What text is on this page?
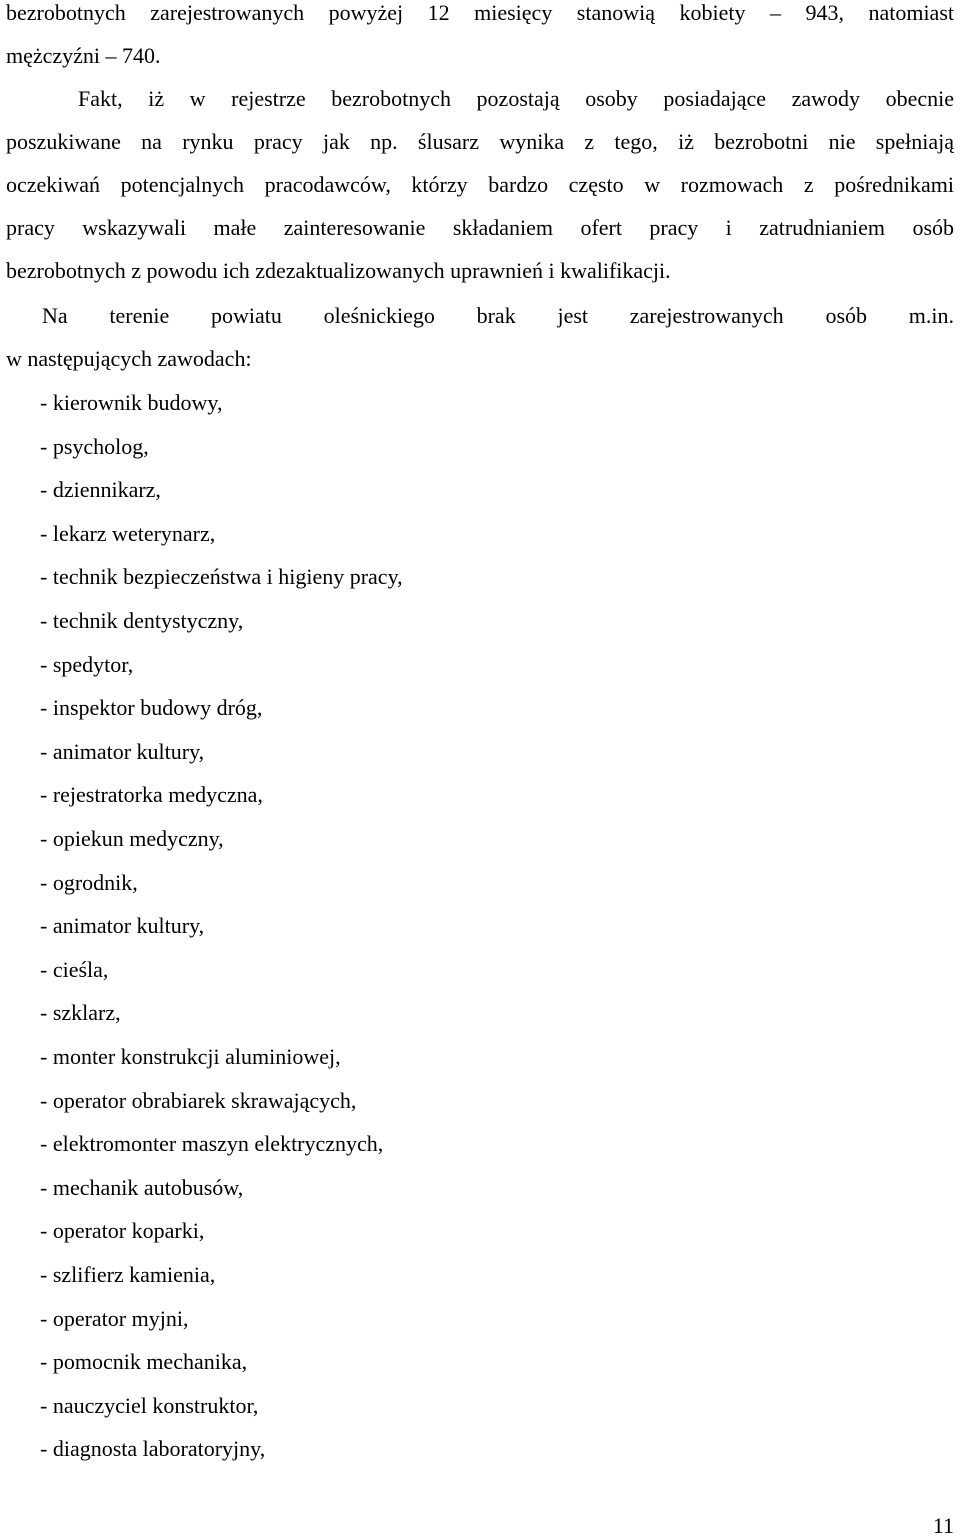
bezrobotnych zarejestrowanych powyżej 12 miesięcy stanowią kobiety – 943, natomiast
mężczyźni – 740.
Fakt, iż w rejestrze bezrobotnych pozostają osoby posiadające zawody obecnie
poszukiwane na rynku pracy jak np. ślusarz wynika z tego, iż bezrobotni nie spełniają
oczekiwań potencjalnych pracodawców, którzy bardzo często w rozmowach z pośrednikami
pracy wskazywali małe zainteresowanie składaniem ofert pracy i zatrudnianiem osób
bezrobotnych z powodu ich zdezaktualizowanych uprawnień i kwalifikacji.
Na terenie powiatu oleśnickiego brak jest zarejestrowanych osób m.in.
w następujących zawodach:
- kierownik budowy,
- psycholog,
- dziennikarz,
- lekarz weterynarz,
- technik bezpieczeństwa i higieny pracy,
- technik dentystyczny,
- spedytor,
- inspektor budowy dróg,
- animator kultury,
- rejestratorka medyczna,
- opiekun medyczny,
- ogrodnik,
- animator kultury,
- cieśla,
- szklarz,
- monter konstrukcji aluminiowej,
- operator obrabiarek skrawających,
- elektromonter maszyn elektrycznych,
- mechanik autobusów,
- operator koparki,
- szlifierz kamienia,
- operator myjni,
- pomocnik mechanika,
- nauczyciel konstruktor,
- diagnosta laboratoryjny,
11
